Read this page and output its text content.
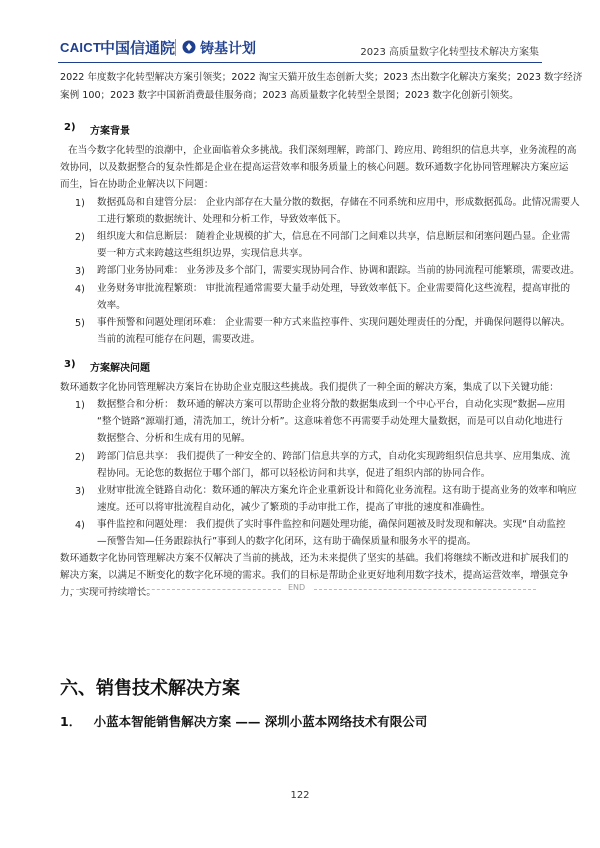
CAICT
中国信通院 铸基计划	2023 高质量数字化转型技术解决方案集
2022 年度数字化转型解决方案引领奖；2022 淘宝天猫开放生态创新大奖；2023 杰出数字化解决方案奖；2023 数字经济
案例 100；2023 数字中国新消费最佳服务商；2023 高质量数字化转型全景图；2023 数字化创新引领奖。
2) 方案背景
在当今数字化转型的浪潮中，企业面临着众多挑战。我们深刻理解，跨部门、跨应用、跨组织的信息共享，业务流程的高
效协同，以及数据整合的复杂性都是企业在提高运营效率和服务质量上的核心问题。数环通数字化协同管理解决方案应运
而生，旨在协助企业解决以下问题：
1) 数据孤岛和自建管分层： 企业内部存在大量分散的数据，存储在不同系统和应用中，形成数据孤岛。此情况需要人
工进行繁琐的数据统计、处理和分析工作，导致效率低下。
2) 组织庞大和信息断层： 随着企业规模的扩大，信息在不同部门之间难以共享，信息断层和闭塞问题凸显。企业需
要一种方式来跨越这些组织边界，实现信息共享。
3) 跨部门业务协同难： 业务涉及多个部门，需要实现协同合作、协调和跟踪。当前的协同流程可能繁琐，需要改进。
4) 业务财务审批流程繁琐： 审批流程通常需要大量手动处理，导致效率低下。企业需要简化这些流程，提高审批的
效率。
5) 事件预警和问题处理闭环难： 企业需要一种方式来监控事件、实现问题处理责任的分配，并确保问题得以解决。
当前的流程可能存在问题，需要改进。
3) 方案解决问题
数环通数字化协同管理解决方案旨在协助企业克服这些挑战。我们提供了一种全面的解决方案，集成了以下关键功能：
1) 数据整合和分析： 数环通的解决方案可以帮助企业将分散的数据集成到一个中心平台，自动化实现“数据—应用
“整个链路“源端打通，清洗加工，统计分析”。这意味着您不再需要手动处理大量数据，而是可以自动化地进行
数据整合、分析和生成有用的见解。
2) 跨部门信息共享： 我们提供了一种安全的、跨部门信息共享的方式，自动化实现跨组织信息共享、应用集成、流
程协同。无论您的数据位于哪个部门，都可以轻松访问和共享，促进了组织内部的协同合作。
3) 业财审批流全链路自动化：数环通的解决方案允许企业重新设计和简化业务流程。这有助于提高业务的效率和响应
速度。还可以将审批流程自动化，减少了繁琐的手动审批工作，提高了审批的速度和准确性。
4) 事件监控和问题处理： 我们提供了实时事件监控和问题处理功能，确保问题被及时发现和解决。实现“自动监控
—预警告知—任务跟踪执行”事到人的数字化闭环，这有助于确保质量和服务水平的提高。
数环通数字化协同管理解决方案不仅解决了当前的挑战，还为未来提供了坚实的基础。我们将继续不断改进和扩展我们的
解决方案，以满足不断变化的数字化环境的需求。我们的目标是帮助企业更好地利用数字技术，提高运营效率，增强竞争
力，实现可持续增长。	END
六、销售技术解决方案
1． 小蓝本智能销售解决方案 —— 深圳小蓝本网络技术有限公司
122
